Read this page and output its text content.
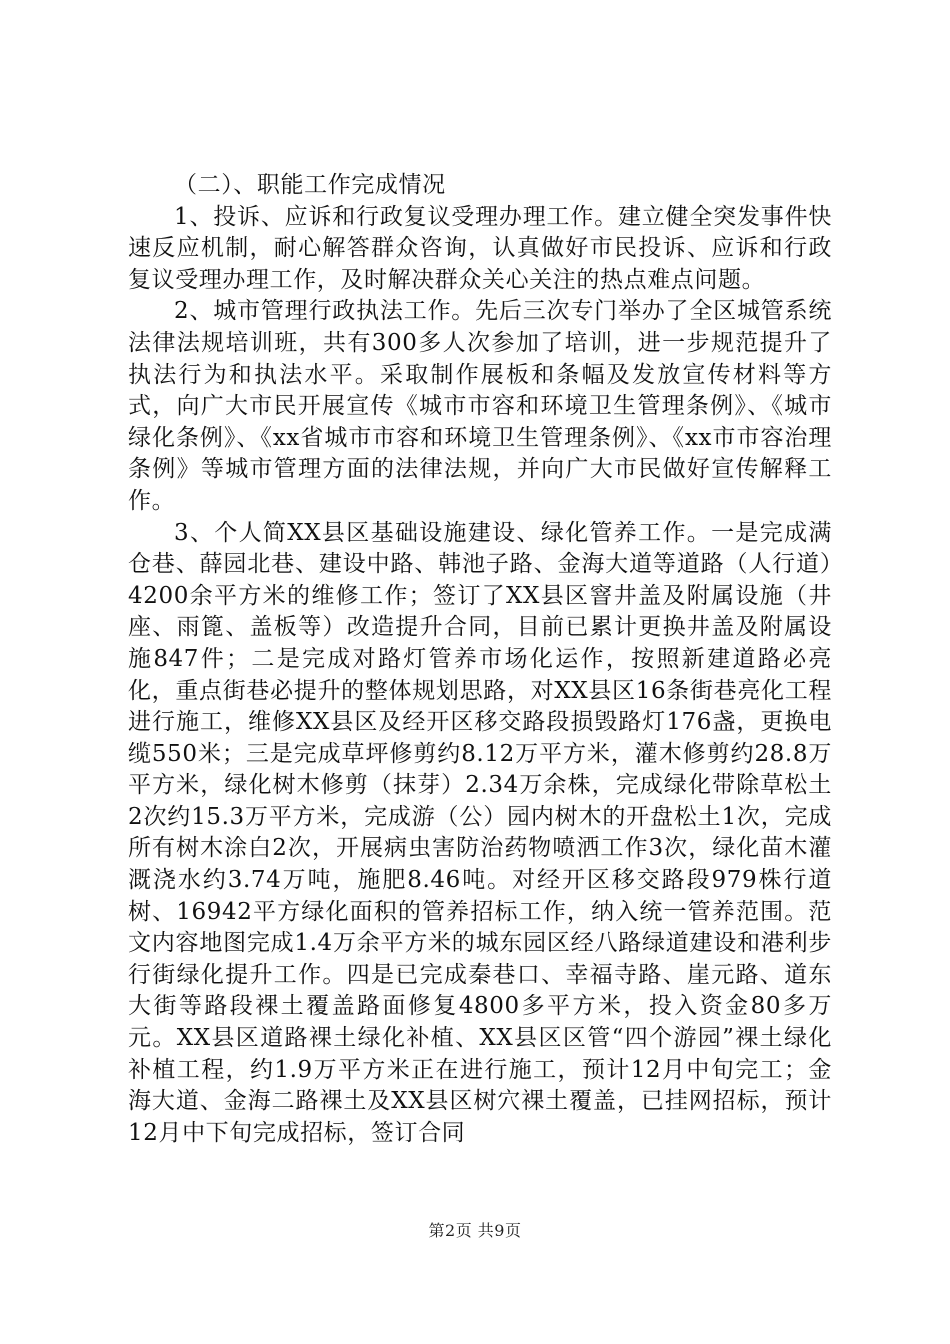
（二）、职能工作完成情况

1、投诉、应诉和行政复议受理办理工作。建立健全突发事件快速反应机制，耐心解答群众咨询，认真做好市民投诉、应诉和行政复议受理办理工作，及时解决群众关心关注的热点难点问题。

2、城市管理行政执法工作。先后三次专门举办了全区城管系统法律法规培训班，共有300多人次参加了培训，进一步规范提升了执法行为和执法水平。采取制作展板和条幅及发放宣传材料等方式，向广大市民开展宣传《城市市容和环境卫生管理条例》、《城市绿化条例》、《xx省城市市容和环境卫生管理条例》、《xx市市容治理条例》等城市管理方面的法律法规，并向广大市民做好宣传解释工作。

3、个人简XX县区基础设施建设、绿化管养工作。一是完成满仓巷、薛园北巷、建设中路、韩池子路、金海大道等道路（人行道）4200余平方米的维修工作；签订了XX县区窨井盖及附属设施（井座、雨篦、盖板等）改造提升合同，目前已累计更换井盖及附属设施847件；二是完成对路灯管养市场化运作，按照新建道路必亮化，重点街巷必提升的整体规划思路，对XX县区16条街巷亮化工程进行施工，维修XX县区及经开区移交路段损毁路灯176盏，更换电缆550米；三是完成草坪修剪约8.12万平方米，灌木修剪约28.8万平方米，绿化树木修剪（抹芽）2.34万余株，完成绿化带除草松土2次约15.3万平方米，完成游（公）园内树木的开盘松土1次，完成所有树木涂白2次，开展病虫害防治药物喷洒工作3次，绿化苗木灌溉浇水约3.74万吨，施肥8.46吨。对经开区移交路段979株行道树、16942平方绿化面积的管养招标工作，纳入统一管养范围。范文内容地图完成1.4万余平方米的城东园区经八路绿道建设和港利步行街绿化提升工作。四是已完成秦巷口、幸福寺路、崖元路、道东大街等路段裸土覆盖路面修复4800多平方米，投入资金80多万元。XX县区道路裸土绿化补植、XX县区区管“四个游园”裸土绿化补植工程，约1.9万平方米正在进行施工，预计12月中旬完工；金海大道、金海二路裸土及XX县区树穴裸土覆盖，已挂网招标，预计12月中下旬完成招标，签订合同

第2页 共9页
